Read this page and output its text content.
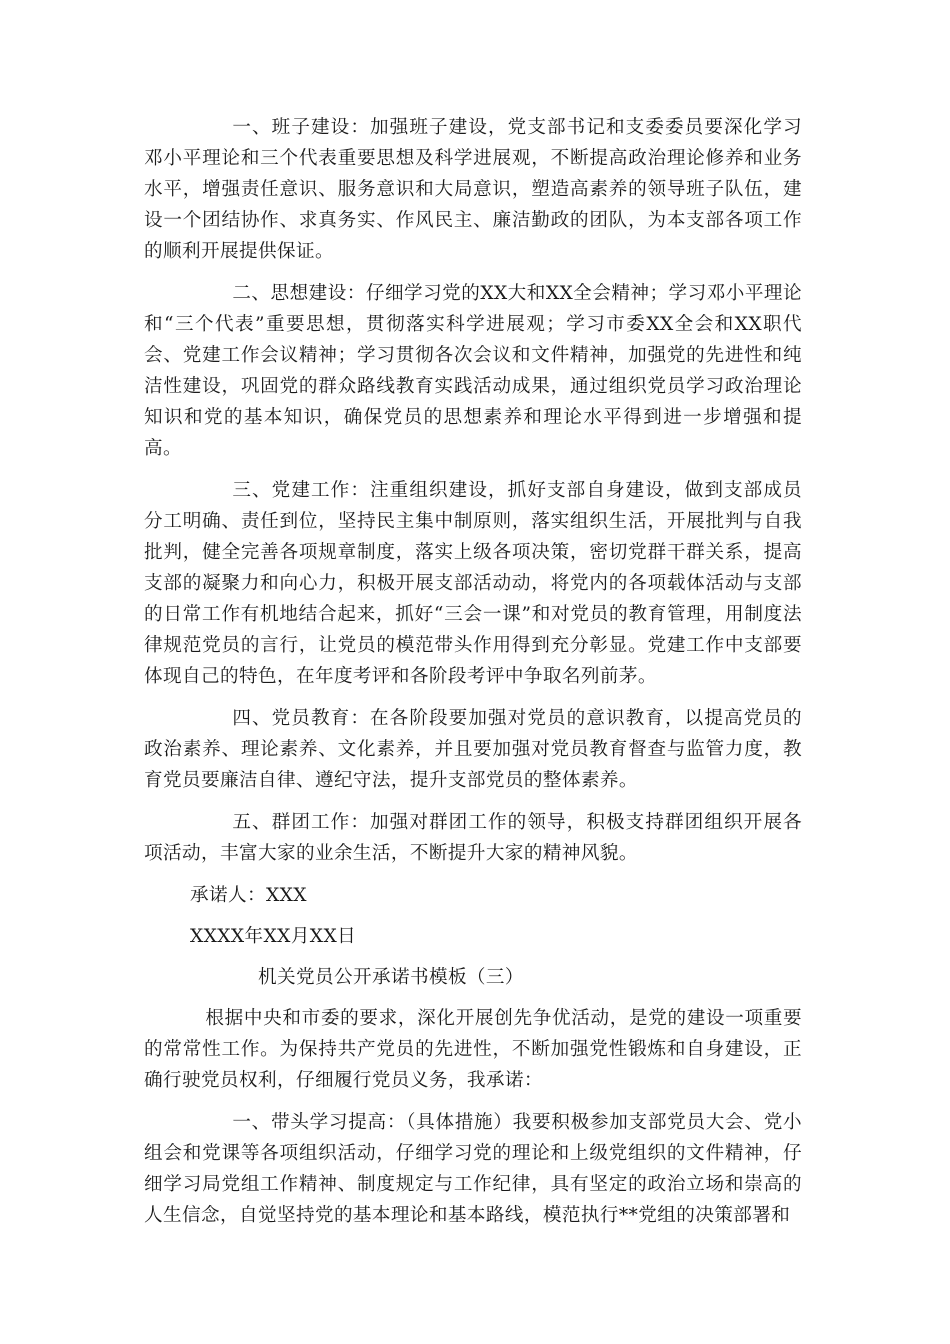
一、班子建设：加强班子建设，党支部书记和支委委员要深化学习邓小平理论和三个代表重要思想及科学进展观，不断提高政治理论修养和业务水平，增强责任意识、服务意识和大局意识，塑造高素养的领导班子队伍，建设一个团结协作、求真务实、作风民主、廉洁勤政的团队，为本支部各项工作的顺利开展提供保证。

二、思想建设：仔细学习党的XX大和XX全会精神；学习邓小平理论和“三个代表”重要思想，贯彻落实科学进展观；学习市委XX全会和XX职代会、党建工作会议精神；学习贯彻各次会议和文件精神，加强党的先进性和纯洁性建设，巩固党的群众路线教育实践活动成果，通过组织党员学习政治理论知识和党的基本知识，确保党员的思想素养和理论水平得到进一步增强和提高。

三、党建工作：注重组织建设，抓好支部自身建设，做到支部成员分工明确、责任到位，坚持民主集中制原则，落实组织生活，开展批判与自我批判，健全完善各项规章制度，落实上级各项决策，密切党群干群关系，提高支部的凝聚力和向心力，积极开展支部活动动，将党内的各项载体活动与支部的日常工作有机地结合起来，抓好“三会一课”和对党员的教育管理，用制度法律规范党员的言行，让党员的模范带头作用得到充分彰显。党建工作中支部要体现自己的特色，在年度考评和各阶段考评中争取名列前茅。

四、党员教育：在各阶段要加强对党员的意识教育，以提高党员的政治素养、理论素养、文化素养，并且要加强对党员教育督查与监管力度，教育党员要廉洁自律、遵纪守法，提升支部党员的整体素养。

五、群团工作：加强对群团工作的领导，积极支持群团组织开展各项活动，丰富大家的业余生活，不断提升大家的精神风貌。

承诺人：XXX

XXXX年XX月XX日

机关党员公开承诺书模板（三）

根据中央和市委的要求，深化开展创先争优活动，是党的建设一项重要的常常性工作。为保持共产党员的先进性，不断加强党性锻炼和自身建设，正确行驶党员权利，仔细履行党员义务，我承诺：

一、带头学习提高：（具体措施）我要积极参加支部党员大会、党小组会和党课等各项组织活动，仔细学习党的理论和上级党组织的文件精神，仔细学习局党组工作精神、制度规定与工作纪律，具有坚定的政治立场和崇高的人生信念，自觉坚持党的基本理论和基本路线，模范执行**党组的决策部署和
